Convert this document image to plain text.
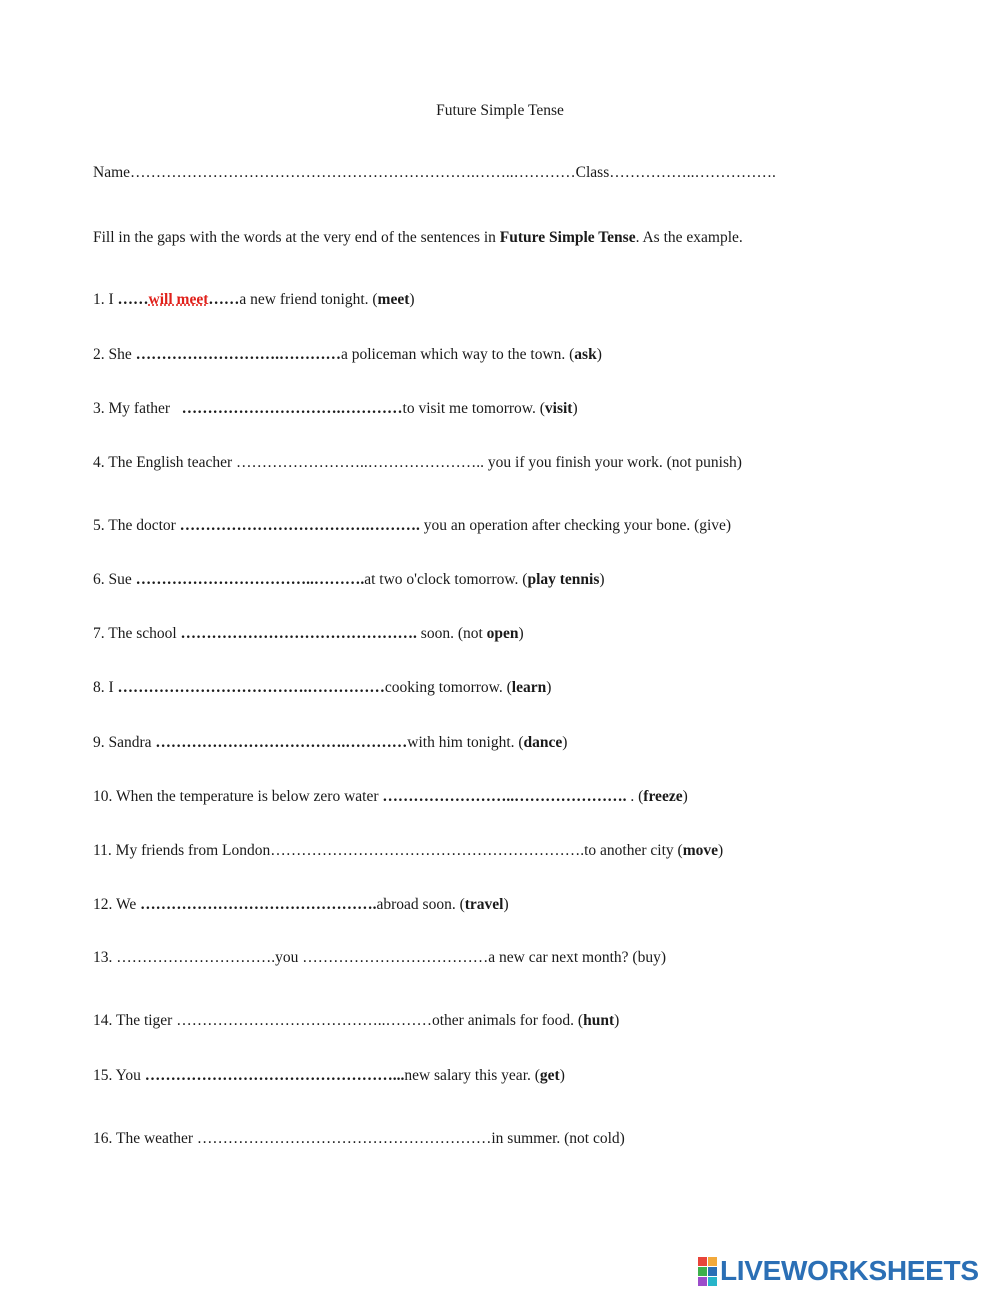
Future Simple Tense
Name………………………………………………………….……..…………Class……………..…………….
Fill in the gaps with the words at the very end of the sentences in Future Simple Tense. As the example.
1. I ……will meet……a new friend tonight. (meet)
2. She ……………………….…………a policeman which way to the town. (ask)
3. My father   ………………………….…………to visit me tomorrow. (visit)
4. The English teacher ……………………..………………….. you if you finish your work. (not punish)
5. The doctor ……………………………….………. you an operation after checking your bone. (give)
6. Sue ……………………………..……….at two o'clock tomorrow. (play tennis)
7. The school ………………………………………. soon. (not open)
8. I ……………………………….……………cooking tomorrow. (learn)
9. Sandra ……………………………….…………with him tonight. (dance)
10. When the temperature is below zero water ……………………..…………………. . (freeze)
11. My friends from London…………………………………………………….to another city (move)
12. We ……………………………………….abroad soon. (travel)
13. ………………………….you ………………………………a new car next month? (buy)
14. The tiger …………………………………..………other animals for food. (hunt)
15. You …………………………………………...new salary this year. (get)
16. The weather …………………………………………………in summer. (not cold)
LIVEWORKSHEETS
